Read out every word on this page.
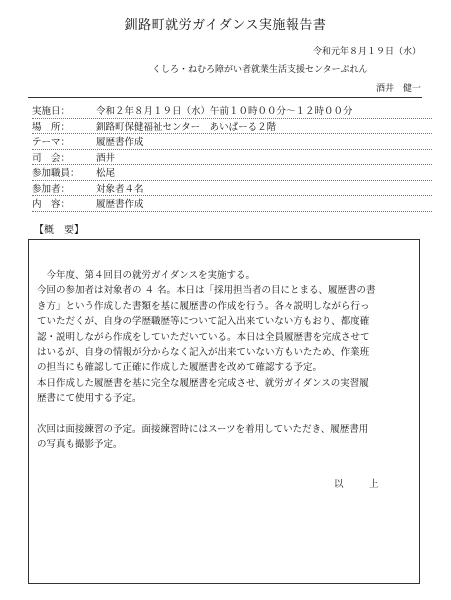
釧路町就労ガイダンス実施報告書
令和元年８月１９日（水）
くしろ・ねむろ障がい者就業生活支援センターぷれん
酒井　健一
実施日：	令和２年８月１９日（水）午前１０時００分～１２時００分
場　所：	釧路町保健福祉センター　あいぱーる２階
テーマ：	履歴書作成
司　会：	酒井
参加職員：	松尾
参加者：	対象者４名
内　容：	履歴書作成
【概　要】

　今年度、第４回目の就労ガイダンスを実施する。

今回の参加者は対象者の ４ 名。本日は「採用担当者の目にとまる、履歴書の書

き方」という作成した書類を基に履歴書の作成を行う。各々説明しながら行っ

ていただくが、自身の学歴職歴等について記入出来ていない方もおり、都度確

認・説明しながら作成をしていただいている。本日は全員履歴書を完成させて

はいるが、自身の情報が分からなく記入が出来ていない方もいたため、作業班

の担当にも確認して正確に作成した履歴書を改めて確認する予定。

本日作成した履歴書を基に完全な履歴書を完成させ、就労ガイダンスの実習履

歴書にて使用する予定。

次回は面接練習の予定。面接練習時にはスーツを着用していただき、履歴書用

の写真も撮影予定。

以　上
